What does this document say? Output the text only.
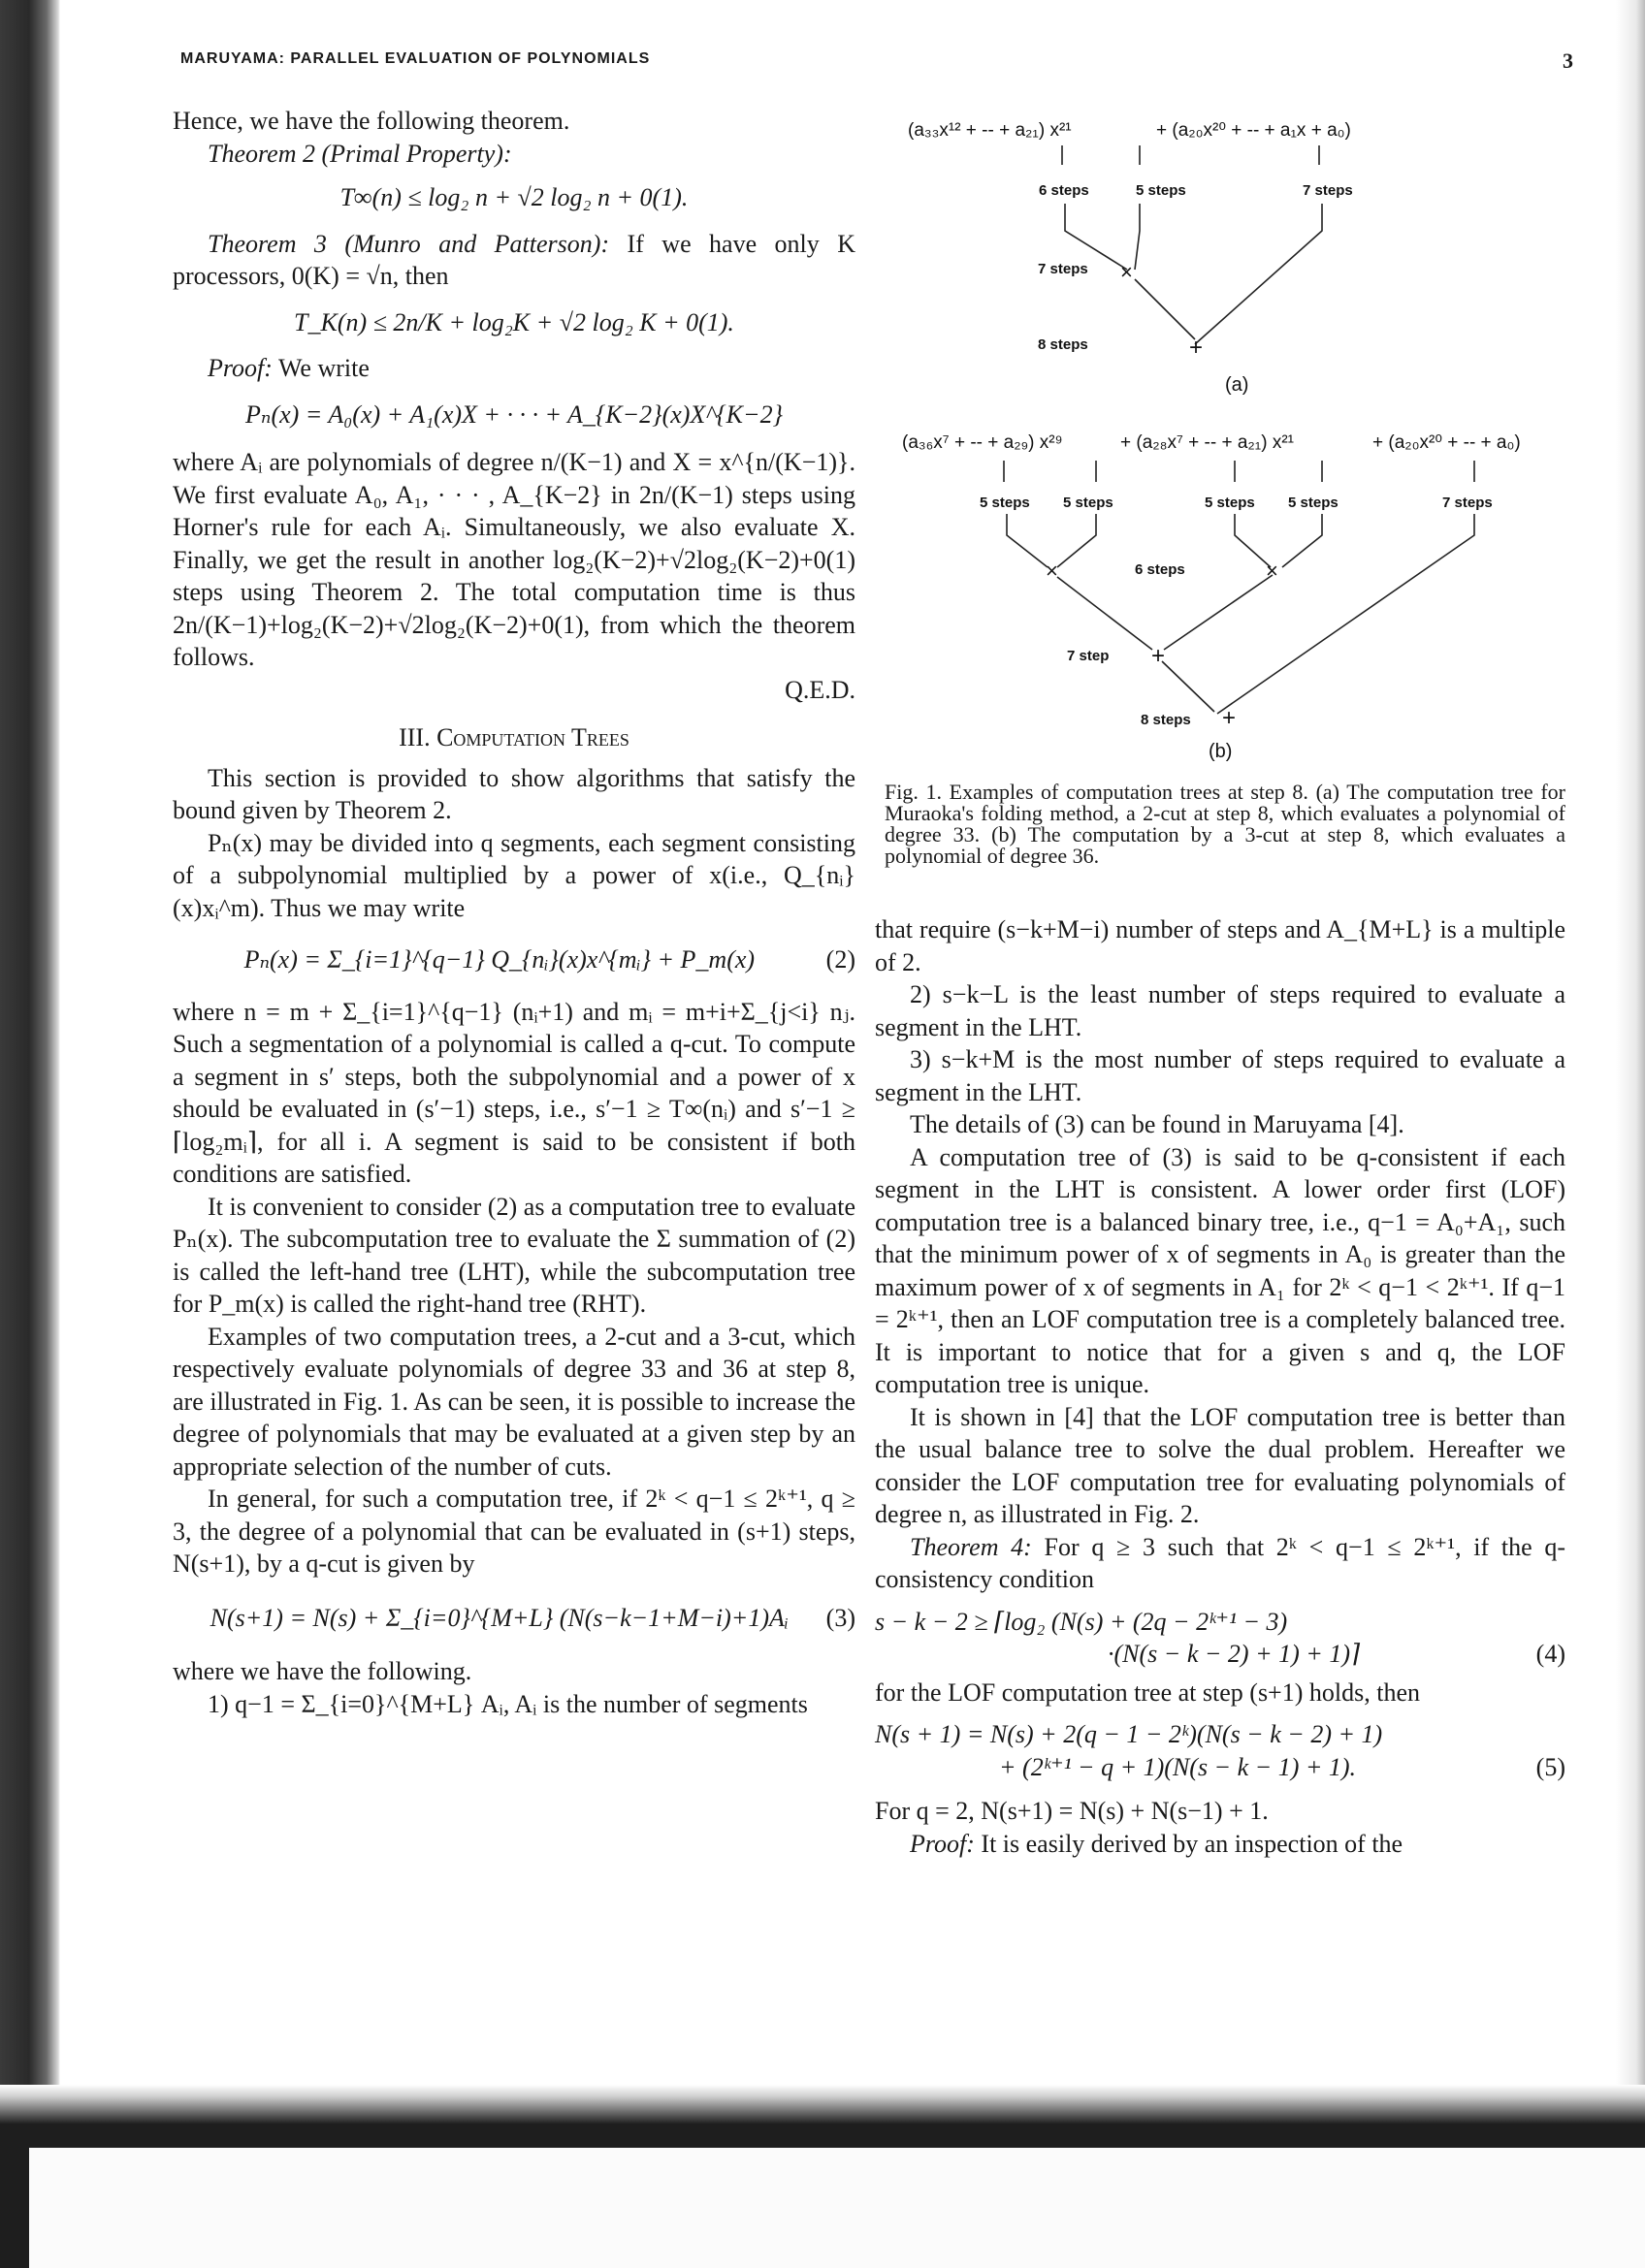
MARUYAMA: PARALLEL EVALUATION OF POLYNOMIALS	3

Hence, we have the following theorem.

Theorem 2 (Primal Property):

T∞(n) ≤ log₂ n + √2 log₂ n + 0(1).

Theorem 3 (Munro and Patterson): If we have only K processors, 0(K) = √n, then

T_K(n) ≤ 2n/K + log₂K + √2 log₂ K + 0(1).

Proof: We write

Pₙ(x) = A₀(x) + A₁(x)X + · · · + A_{K−2}(x)X^{K−2}

where Aᵢ are polynomials of degree n/(K−1) and X = x^{n/(K−1)}. We first evaluate A₀, A₁, · · · , A_{K−2} in 2n/(K−1) steps using Horner's rule for each Aᵢ. Simultaneously, we also evaluate X. Finally, we get the result in another log₂(K−2)+√2log₂(K−2)+0(1) steps using Theorem 2. The total computation time is thus 2n/(K−1)+log₂(K−2)+√2log₂(K−2)+0(1), from which the theorem follows.

Q.E.D.

III. Computation Trees

This section is provided to show algorithms that satisfy the bound given by Theorem 2.

Pₙ(x) may be divided into q segments, each segment consisting of a subpolynomial multiplied by a power of x(i.e., Q_{nᵢ}(x)xᵢ^m). Thus we may write

Pₙ(x) = Σ_{i=1}^{q−1} Q_{nᵢ}(x)x^{mᵢ} + P_m(x)	(2)

where n = m + Σ_{i=1}^{q−1} (nᵢ+1) and mᵢ = m+i+Σ_{j<i} nⱼ. Such a segmentation of a polynomial is called a q-cut. To compute a segment in s′ steps, both the subpolynomial and a power of x should be evaluated in (s′−1) steps, i.e., s′−1 ≥ T∞(nᵢ) and s′−1 ≥ ⌈log₂mᵢ⌉, for all i. A segment is said to be consistent if both conditions are satisfied.

It is convenient to consider (2) as a computation tree to evaluate Pₙ(x). The subcomputation tree to evaluate the Σ summation of (2) is called the left-hand tree (LHT), while the subcomputation tree for P_m(x) is called the right-hand tree (RHT).

Examples of two computation trees, a 2-cut and a 3-cut, which respectively evaluate polynomials of degree 33 and 36 at step 8, are illustrated in Fig. 1. As can be seen, it is possible to increase the degree of polynomials that may be evaluated at a given step by an appropriate selection of the number of cuts.

In general, for such a computation tree, if 2ᵏ < q−1 ≤ 2ᵏ⁺¹, q ≥ 3, the degree of a polynomial that can be evaluated in (s+1) steps, N(s+1), by a q-cut is given by

N(s+1) = N(s) + Σ_{i=0}^{M+L} (N(s−k−1+M−i)+1)Aᵢ	(3)

where we have the following.

1) q−1 = Σ_{i=0}^{M+L} Aᵢ, Aᵢ is the number of segments

(a₃₃x¹² + -- + a₂₁) x²¹	+ (a₂₀x²⁰ + -- + a₁x + a₀)
6 steps	5 steps	7 steps
7 steps ×
8 steps	+
(a)
(a₃₆x⁷ + -- + a₂₉) x²⁹	+ (a₂₈x⁷ + -- + a₂₁) x²¹	+ (a₂₀x²⁰ + -- + a₀)
5 steps 5 steps	5 steps 5 steps	7 steps
×	×
6 steps
7 step +
8 steps +
(b)
Fig. 1. Examples of computation trees at step 8. (a) The computation tree for Muraoka's folding method, a 2-cut at step 8, which evaluates a polynomial of degree 33. (b) The computation by a 3-cut at step 8, which evaluates a polynomial of degree 36.

that require (s−k+M−i) number of steps and A_{M+L} is a multiple of 2.

2) s−k−L is the least number of steps required to evaluate a segment in the LHT.

3) s−k+M is the most number of steps required to evaluate a segment in the LHT.

The details of (3) can be found in Maruyama [4].

A computation tree of (3) is said to be q-consistent if each segment in the LHT is consistent. A lower order first (LOF) computation tree is a balanced binary tree, i.e., q−1 = A₀+A₁, such that the minimum power of x of segments in A₀ is greater than the maximum power of x of segments in A₁ for 2ᵏ < q−1 < 2ᵏ⁺¹. If q−1 = 2ᵏ⁺¹, then an LOF computation tree is a completely balanced tree. It is important to notice that for a given s and q, the LOF computation tree is unique.

It is shown in [4] that the LOF computation tree is better than the usual balance tree to solve the dual problem. Hereafter we consider the LOF computation tree for evaluating polynomials of degree n, as illustrated in Fig. 2.

Theorem 4: For q ≥ 3 such that 2ᵏ < q−1 ≤ 2ᵏ⁺¹, if the q-consistency condition

s − k − 2 ≥ ⌈log₂ (N(s) + (2q − 2ᵏ⁺¹ − 3)
·(N(s − k − 2) + 1) + 1)⌉	(4)

for the LOF computation tree at step (s+1) holds, then

N(s + 1) = N(s) + 2(q − 1 − 2ᵏ)(N(s − k − 2) + 1)
+ (2ᵏ⁺¹ − q + 1)(N(s − k − 1) + 1).	(5)

For q = 2, N(s+1) = N(s) + N(s−1) + 1.

Proof: It is easily derived by an inspection of the
